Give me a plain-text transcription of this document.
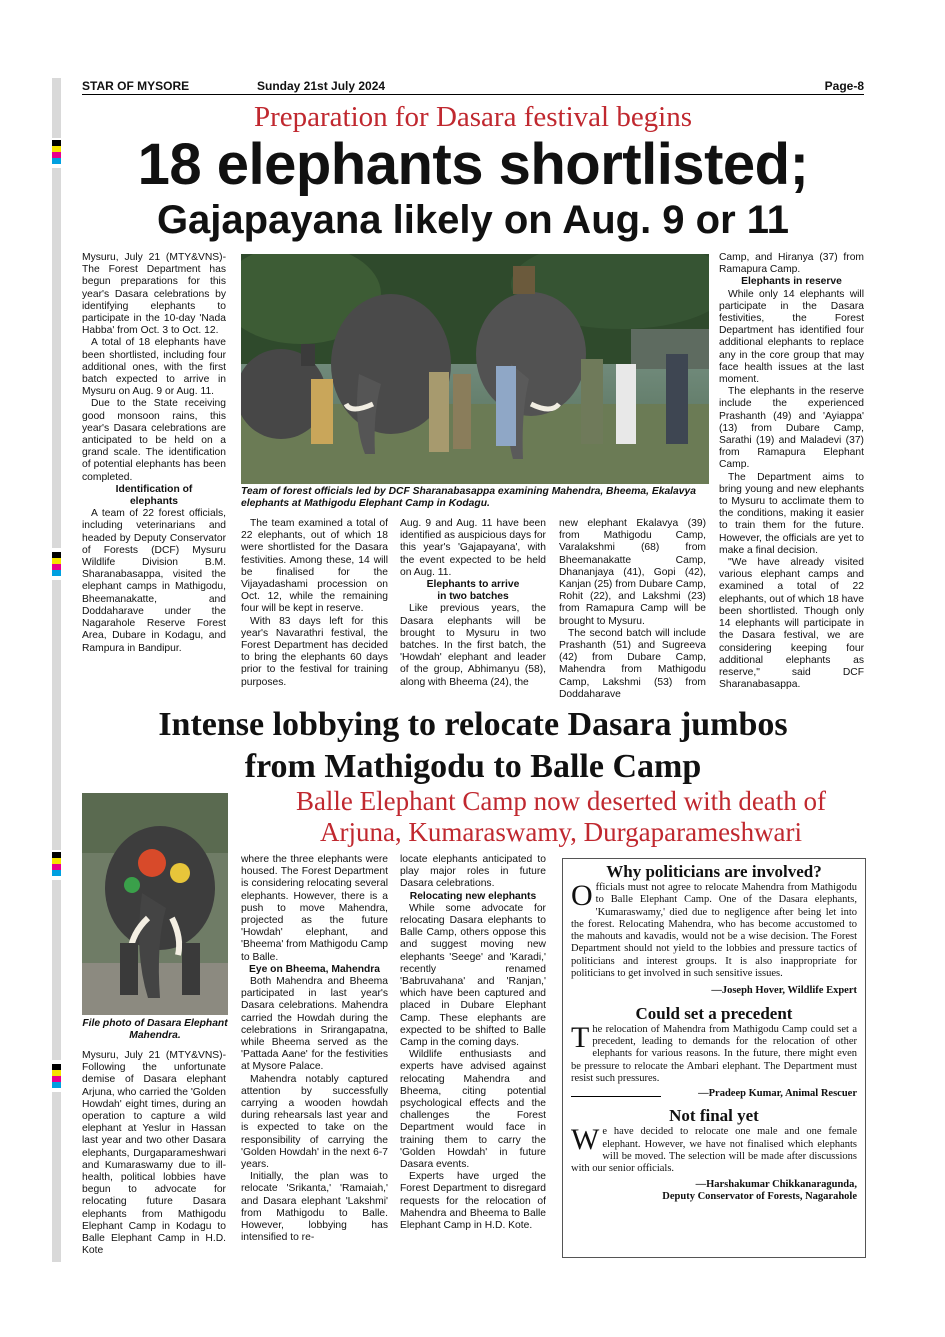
STAR OF MYSORE	Sunday 21st July 2024	Page-8
Preparation for Dasara festival begins
18 elephants shortlisted;
Gajapayana likely on Aug. 9 or 11

Mysuru, July 21 (MTY&VNS)- The Forest Department has begun preparations for this year's Dasara celebrations by identifying elephants to participate in the 10-day 'Nada Habba' from Oct. 3 to Oct. 12.

A total of 18 elephants have been shortlisted, including four additional ones, with the first batch expected to arrive in Mysuru on Aug. 9 or Aug. 11.

Due to the State receiving good monsoon rains, this year's Dasara celebrations are anticipated to be held on a grand scale. The identification of potential elephants has been completed.

Identification of elephants

A team of 22 forest officials, including veterinarians and headed by Deputy Conservator of Forests (DCF) Mysuru Wildlife Division B.M. Sharanabasappa, visited the elephant camps in Mathigodu, Bheemanakatte, and Doddaharave under the Nagarahole Reserve Forest Area, Dubare in Kodagu, and Rampura in Bandipur.

Team of forest officials led by DCF Sharanabasappa examining Mahendra, Bheema, Ekalavya elephants at Mathigodu Elephant Camp in Kodagu.

The team examined a total of 22 elephants, out of which 18 were shortlisted for the Dasara festivities. Among these, 14 will be finalised for the Vijayadashami procession on Oct. 12, while the remaining four will be kept in reserve.

With 83 days left for this year's Navarathri festival, the Forest Department has decided to bring the elephants 60 days prior to the festival for training purposes.

Aug. 9 and Aug. 11 have been identified as auspicious days for this year's 'Gajapayana', with the event expected to be held on Aug. 11.

Elephants to arrive in two batches

Like previous years, the Dasara elephants will be brought to Mysuru in two batches. In the first batch, the 'Howdah' elephant and leader of the group, Abhimanyu (58), along with Bheema (24), the

new elephant Ekalavya (39) from Mathigodu Camp, Varalakshmi (68) from Bheemanakatte Camp, Dhananjaya (41), Gopi (42), Kanjan (25) from Dubare Camp, Rohit (22), and Lakshmi (23) from Ramapura Camp will be brought to Mysuru.

The second batch will include Prashanth (51) and Sugreeva (42) from Dubare Camp, Mahendra from Mathigodu Camp, Lakshmi (53) from Doddaharave

Camp, and Hiranya (37) from Ramapura Camp.

Elephants in reserve

While only 14 elephants will participate in the Dasara festivities, the Forest Department has identified four additional elephants to replace any in the core group that may face health issues at the last moment.

The elephants in the reserve include the experienced Prashanth (49) and 'Ayiappa' (13) from Dubare Camp, Sarathi (19) and Maladevi (37) from Ramapura Elephant Camp.

The Department aims to bring young and new elephants to Mysuru to acclimate them to the conditions, making it easier to train them for the future. However, the officials are yet to make a final decision.

"We have already visited various elephant camps and examined a total of 22 elephants, out of which 18 have been shortlisted. Though only 14 elephants will participate in the Dasara festival, we are considering keeping four additional elephants as reserve," said DCF Sharanabasappa.

Intense lobbying to relocate Dasara jumbos
from Mathigodu to Balle Camp
Balle Elephant Camp now deserted with death of
Arjuna, Kumaraswamy, Durgaparameshwari
File photo of Dasara Elephant Mahendra.

Mysuru, July 21 (MTY&VNS)- Following the unfortunate demise of Dasara elephant Arjuna, who carried the 'Golden Howdah' eight times, during an operation to capture a wild elephant at Yeslur in Hassan last year and two other Dasara elephants, Durgaparameshwari and Kumaraswamy due to ill-health, political lobbies have begun to advocate for relocating future Dasara elephants from Mathigodu Elephant Camp in Kodagu to Balle Elephant Camp in H.D. Kote

where the three elephants were housed. The Forest Department is considering relocating several elephants. However, there is a push to move Mahendra, projected as the future 'Howdah' elephant, and 'Bheema' from Mathigodu Camp to Balle.

Eye on Bheema, Mahendra

Both Mahendra and Bheema participated in last year's Dasara celebrations. Mahendra carried the Howdah during the celebrations in Srirangapatna, while Bheema served as the 'Pattada Aane' for the festivities at Mysore Palace.

Mahendra notably captured attention by successfully carrying a wooden howdah during rehearsals last year and is expected to take on the responsibility of carrying the 'Golden Howdah' in the next 6-7 years.

Initially, the plan was to relocate 'Srikanta,' 'Ramaiah,' and Dasara elephant 'Lakshmi' from Mathigodu to Balle. However, lobbying has intensified to re-

locate elephants anticipated to play major roles in future Dasara celebrations.

Relocating new elephants

While some advocate for relocating Dasara elephants to Balle Camp, others oppose this and suggest moving new elephants 'Seege' and 'Karadi,' recently renamed 'Babruvahana' and 'Ranjan,' which have been captured and placed in Dubare Elephant Camp. These elephants are expected to be shifted to Balle Camp in the coming days.

Wildlife enthusiasts and experts have advised against relocating Mahendra and Bheema, citing potential psychological effects and the challenges the Forest Department would face in training them to carry the 'Golden Howdah' in future Dasara events.

Experts have urged the Forest Department to disregard requests for the relocation of Mahendra and Bheema to Balle Elephant Camp in H.D. Kote.

Why politicians are involved?
Officials must not agree to relocate Mahendra from Mathigodu to Balle Elephant Camp. One of the Dasara elephants, 'Kumaraswamy,' died due to negligence after being let into the forest. Relocating Mahendra, who has become accustomed to the mahouts and kavadis, would not be a wise decision. The Forest Department should not yield to the lobbies and pressure tactics of politicians and interest groups. It is also inappropriate for politicians to get involved in such sensitive issues.
—Joseph Hover, Wildlife Expert
Could set a precedent
The relocation of Mahendra from Mathigodu Camp could set a precedent, leading to demands for the relocation of other elephants for various reasons. In the future, there might even be pressure to relocate the Ambari elephant. The Department must resist such pressures.
—Pradeep Kumar, Animal Rescuer
Not final yet
We have decided to relocate one male and one female elephant. However, we have not finalised which elephants will be moved. The selection will be made after discussions with our senior officials.
—Harshakumar Chikkanaragunda,
Deputy Conservator of Forests, Nagarahole
